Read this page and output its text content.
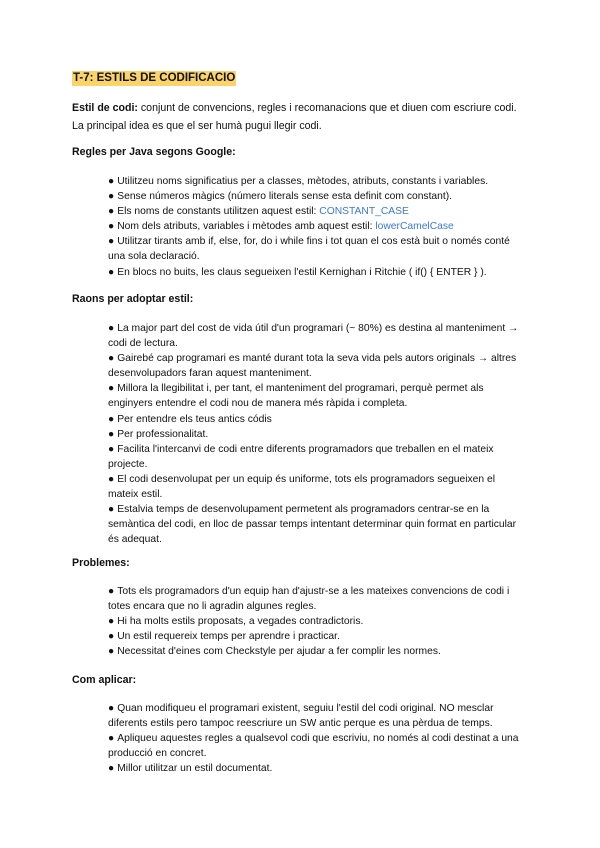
T-7: ESTILS DE CODIFICACIO

Estil de codi: conjunt de convencions, regles i recomanacions que et diuen com escriure codi. La principal idea es que el ser humà pugui llegir codi.

Regles per Java segons Google:
● Utilitzeu noms significatius per a classes, mètodes, atributs, constants i variables.
● Sense números màgics (número literals sense esta definit com constant).
● Els noms de constants utilitzen aquest estil: CONSTANT_CASE
● Nom dels atributs, variables i mètodes amb aquest estil: lowerCamelCase
● Utilitzar tirants amb if, else, for, do i while fins i tot quan el cos està buit o només conté una sola declaració.
● En blocs no buits, les claus segueixen l'estil Kernighan i Ritchie ( if() { ENTER } ).
Raons per adoptar estil:
● La major part del cost de vida útil d'un programari (~ 80%) es destina al manteniment → codi de lectura.
● Gairebé cap programari es manté durant tota la seva vida pels autors originals → altres desenvolupadors faran aquest manteniment.
● Millora la llegibilitat i, per tant, el manteniment del programari, perquè permet als enginyers entendre el codi nou de manera més ràpida i completa.
● Per entendre els teus antics códis
● Per professionalitat.
● Facilita l'intercanvi de codi entre diferents programadors que treballen en el mateix projecte.
● El codi desenvolupat per un equip és uniforme, tots els programadors segueixen el mateix estil.
● Estalvia temps de desenvolupament permetent als programadors centrar-se en la semàntica del codi, en lloc de passar temps intentant determinar quin format en particular és adequat.
Problemes:
● Tots els programadors d'un equip han d'ajustr-se a les mateixes convencions de codi i totes encara que no li agradin algunes regles.
● Hi ha molts estils proposats, a vegades contradictoris.
● Un estil requereix temps per aprendre i practicar.
● Necessitat d'eines com Checkstyle per ajudar a fer complir les normes.
Com aplicar:
● Quan modifiqueu el programari existent, seguiu l'estil del codi original. NO mesclar diferents estils pero tampoc reescriure un SW antic perque es una pèrdua de temps.
● Apliqueu aquestes regles a qualsevol codi que escriviu, no només al codi destinat a una producció en concret.
● Millor utilitzar un estil documentat.
